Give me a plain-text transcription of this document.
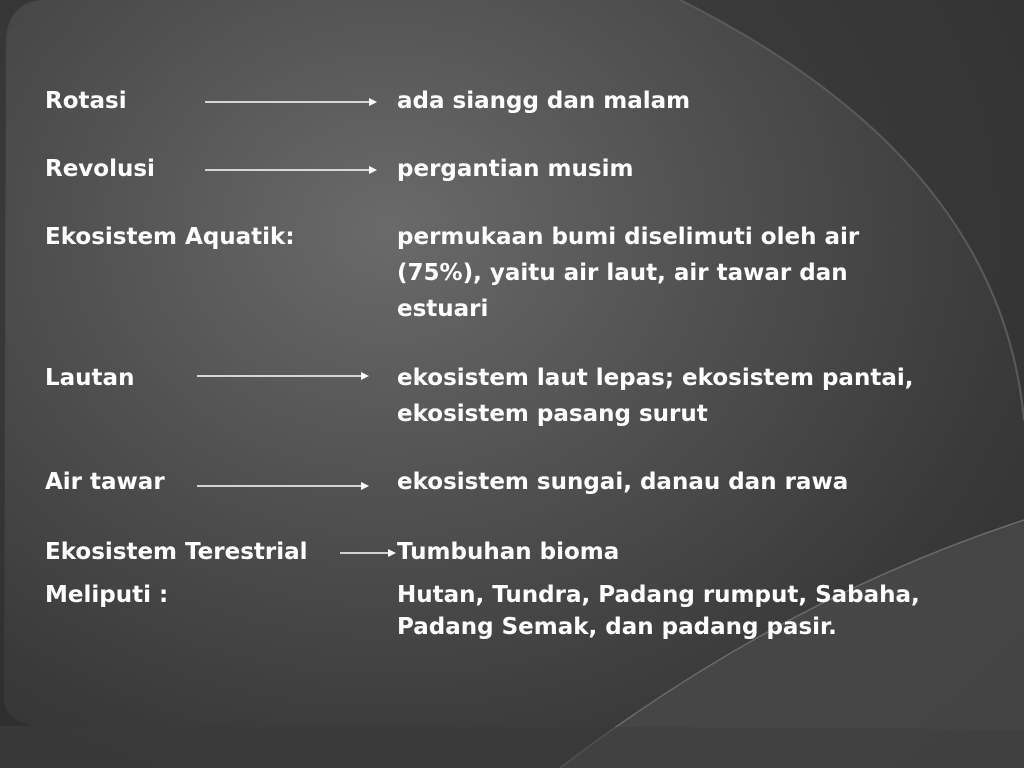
Rotasi	ada siangg dan malam
Revolusi	pergantian musim
Ekosistem Aquatik:	permukaan bumi diselimuti oleh air
(75%), yaitu air laut, air tawar dan
estuari
Lautan	ekosistem laut lepas; ekosistem pantai,
ekosistem pasang surut
Air tawar	ekosistem sungai, danau dan rawa
Ekosistem Terestrial	Tumbuhan bioma
Meliputi :	Hutan, Tundra, Padang rumput, Sabaha,
Padang Semak, dan padang pasir.
